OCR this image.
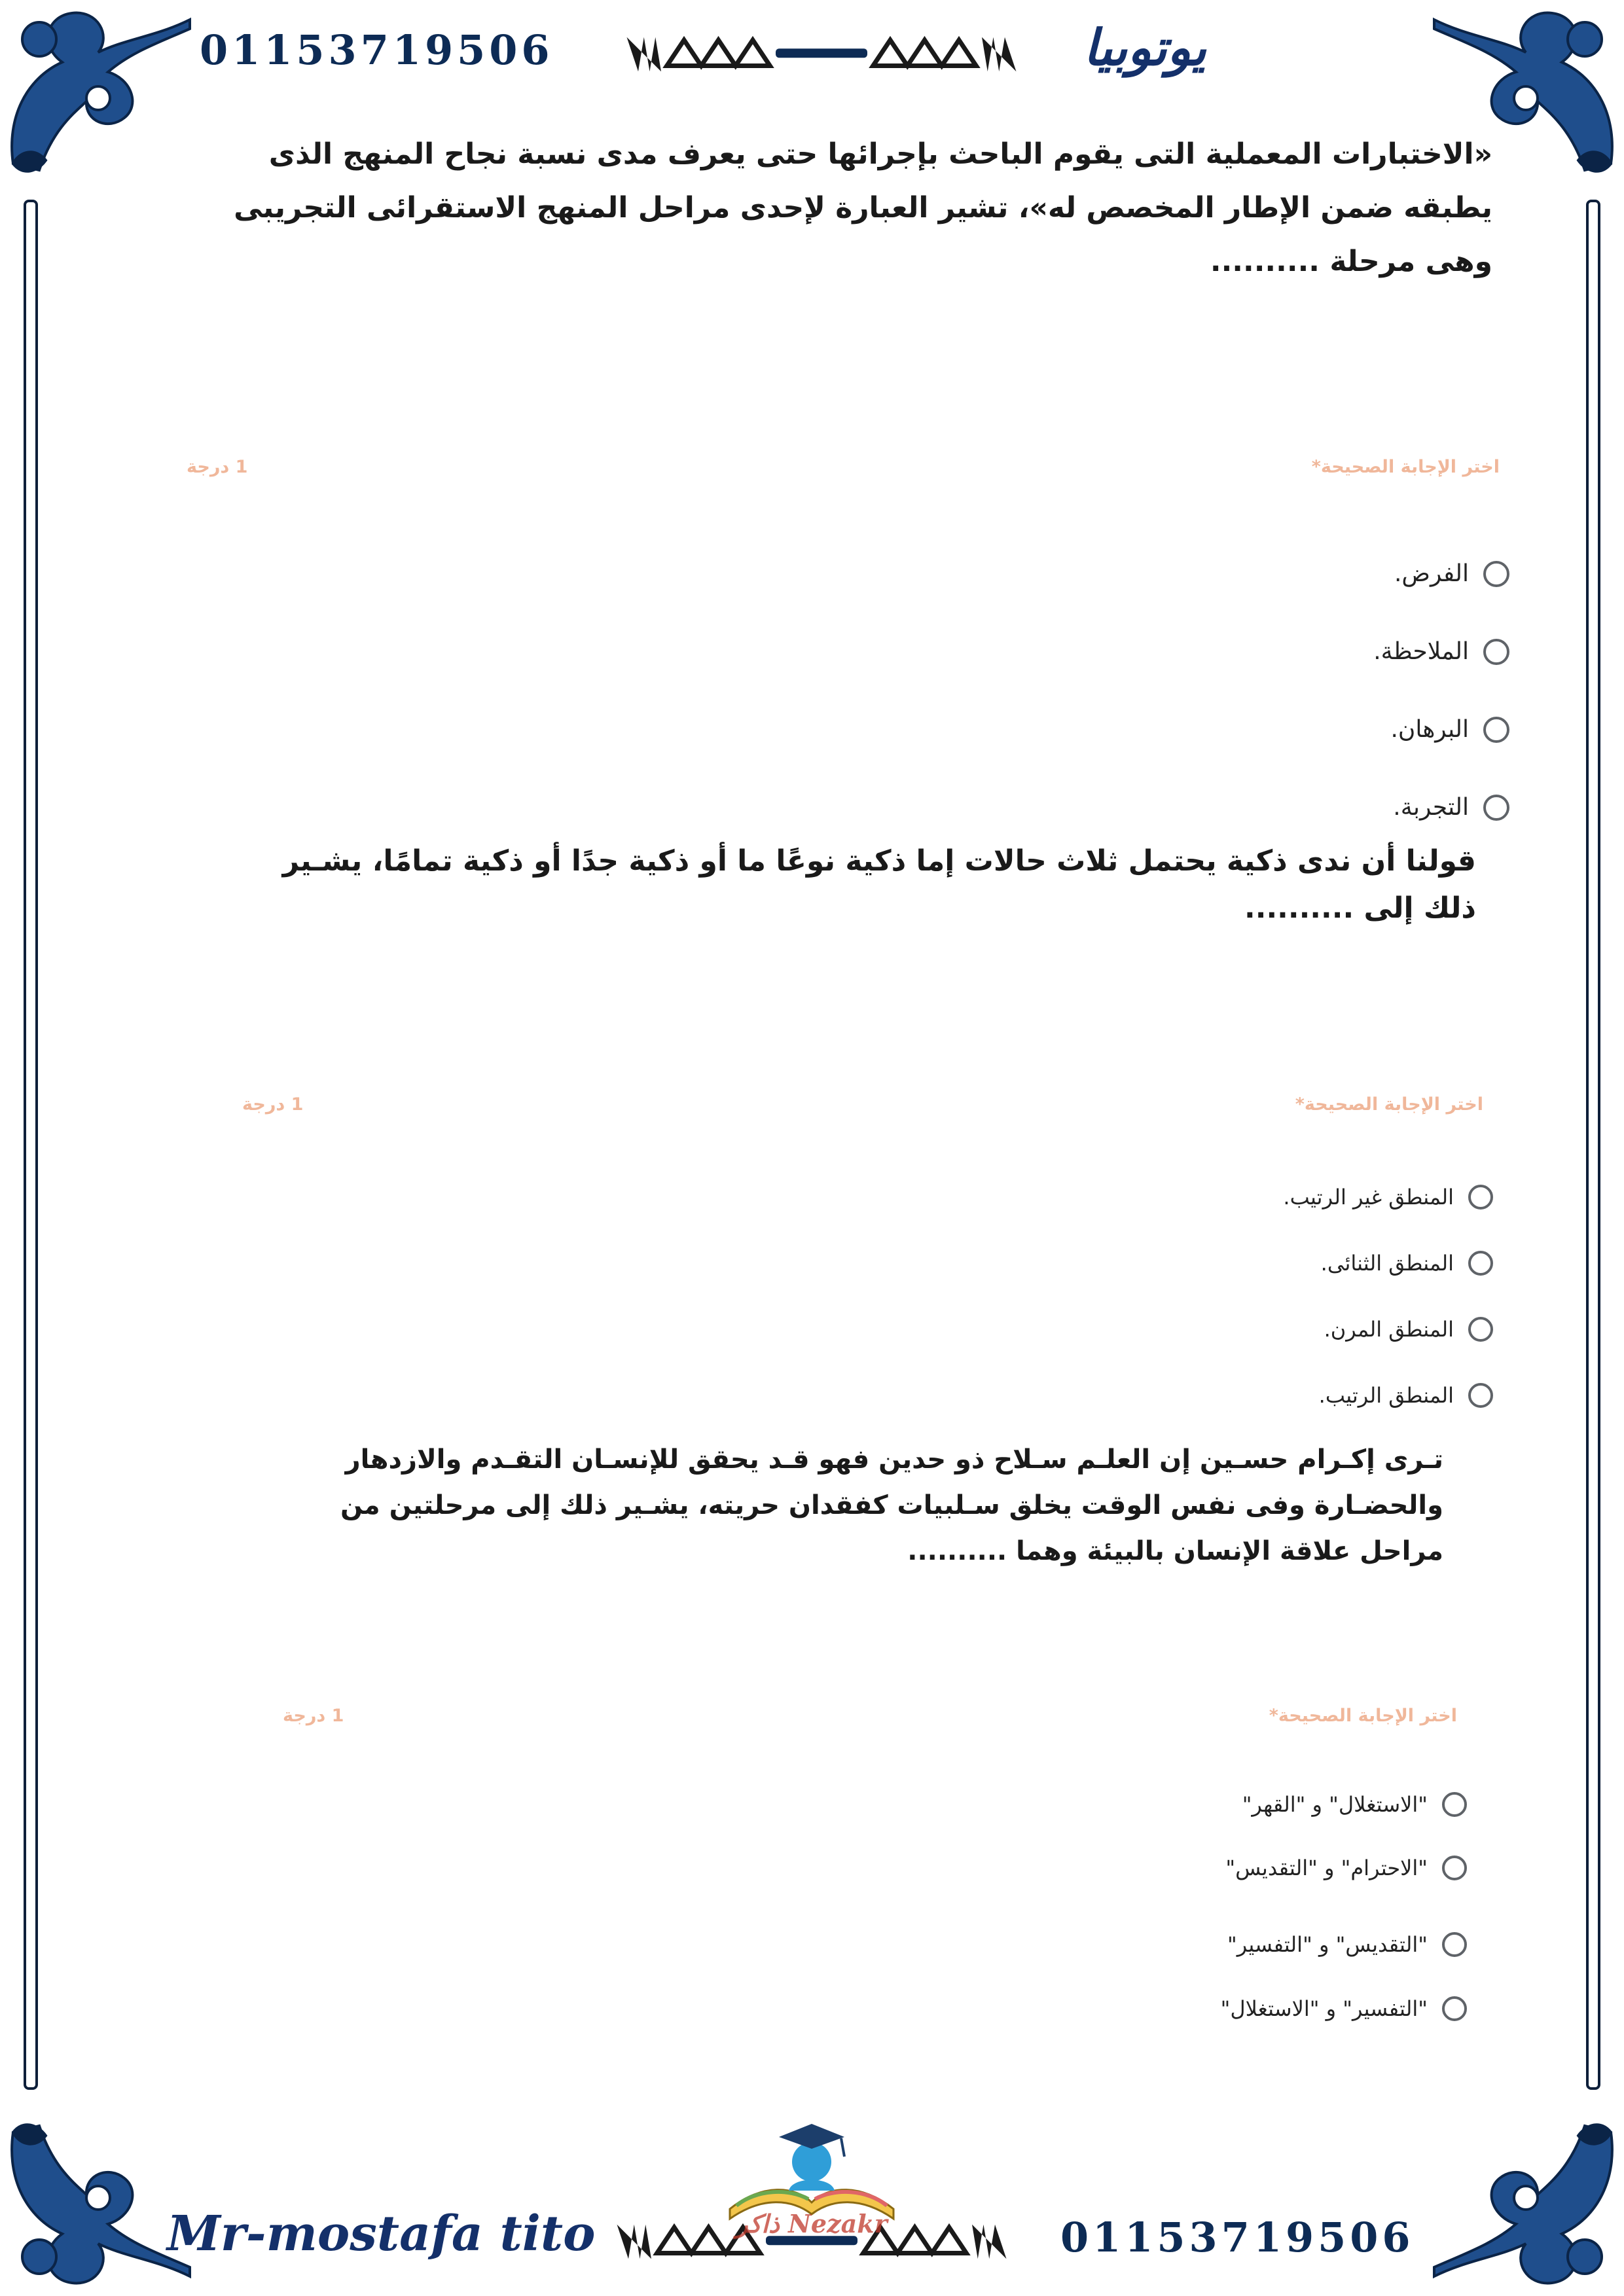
01153719506	يوتوبيا
«الاختبارات المعملية التى يقوم الباحث بإجرائها حتى يعرف مدى نسبة نجاح المنهج الذى
يطبقه ضمن الإطار المخصص له»، تشير العبارة لإحدى مراحل المنهج الاستقرائى التجريبى
وهى مرحلة ..........
اختر الإجابة الصحيحة*
1 درجة
الفرض.
الملاحظة.
البرهان.
التجربة.
قولنا أن ندى ذكية يحتمل ثلاث حالات إما ذكية نوعًا ما أو ذكية جدًا أو ذكية تمامًا، يشـير
ذلك إلى ..........
اختر الإجابة الصحيحة*
1 درجة
المنطق غير الرتيب.
المنطق الثنائى.
المنطق المرن.
المنطق الرتيب.
تـرى إكـرام حسـين إن العلـم سـلاح ذو حدين فهو قـد يحقق للإنسـان التقـدم والازدهار
والحضـارة وفى نفس الوقت يخلق سـلبيات كفقدان حريته، يشـير ذلك إلى مرحلتين من
مراحل علاقة الإنسان بالبيئة وهما ..........
اختر الإجابة الصحيحة*
1 درجة
"الاستغلال" و "القهر"
"الاحترام" و "التقديس"
"التقديس" و "التفسير"
"التفسير" و "الاستغلال"
Mr-mostafa tito	ذاكر Nezakr	01153719506
